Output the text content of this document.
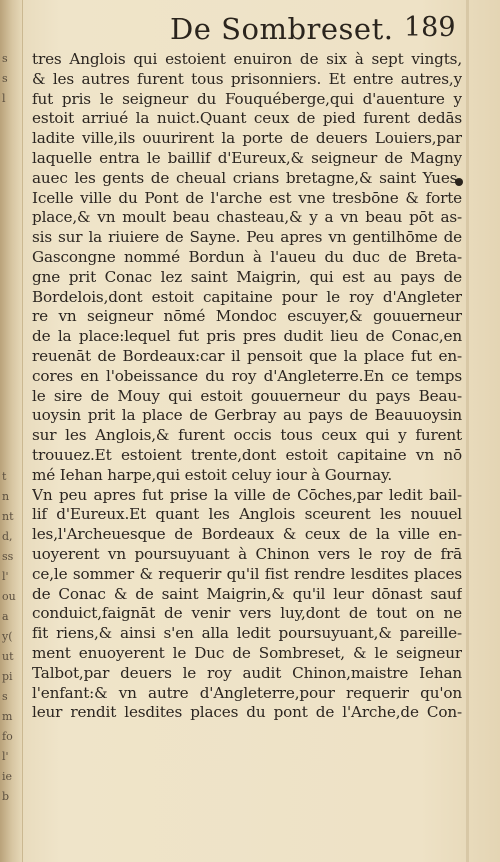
s
s
l
t
n
nt
d,
ss
l'
ou
a
y(
ut
pi
s
m
fo
l'
ie
b
De Sombreset. 189
tres Anglois qui estoient enuiron de six à sept vingts,
& les autres furent tous prisonniers. Et entre autres,y
fut pris le seigneur du Fouquéberge,qui d'auenture y
estoit arriué la nuict.Quant ceux de pied furent dedās
ladite ville,ils ouurirent la porte de deuers Louiers,par
laquelle entra le baillif d'Eureux,& seigneur de Magny
auec les gents de cheual crians bretagne,& saint Yues.
Icelle ville du Pont de l'arche est vne tresbōne & forte
place,& vn moult beau chasteau,& y a vn beau pōt as-
sis sur la riuiere de Sayne. Peu apres vn gentilhōme de
Gascongne nommé Bordun à l'aueu du duc de Breta-
gne prit Conac lez saint Maigrin, qui est au pays de
Bordelois,dont estoit capitaine pour le roy d'Angleter
re vn seigneur nōmé Mondoc escuyer,& gouuerneur
de la place:lequel fut pris pres dudit lieu de Conac,en
reuenāt de Bordeaux:car il pensoit que la place fut en-
cores en l'obeissance du roy d'Angleterre.En ce temps
le sire de Mouy qui estoit gouuerneur du pays Beau-
uoysin prit la place de Gerbray au pays de Beauuoysin
sur les Anglois,& furent occis tous ceux qui y furent
trouuez.Et estoient trente,dont estoit capitaine vn nō
mé Iehan harpe,qui estoit celuy iour à Gournay.
Vn peu apres fut prise la ville de Cōches,par ledit bail-
lif d'Eureux.Et quant les Anglois sceurent les nouuel
les,l'Archeuesque de Bordeaux & ceux de la ville en-
uoyerent vn poursuyuant à Chinon vers le roy de frā
ce,le sommer & requerir qu'il fist rendre lesdites places
de Conac & de saint Maigrin,& qu'il leur dōnast sauf
conduict,faignāt de venir vers luy,dont de tout on ne
fit riens,& ainsi s'en alla ledit poursuyuant,& pareille-
ment enuoyerent le Duc de Sombreset, & le seigneur
Talbot,par deuers le roy audit Chinon,maistre Iehan
l'enfant:& vn autre d'Angleterre,pour requerir qu'on
leur rendit lesdites places du pont de l'Arche,de Con-
